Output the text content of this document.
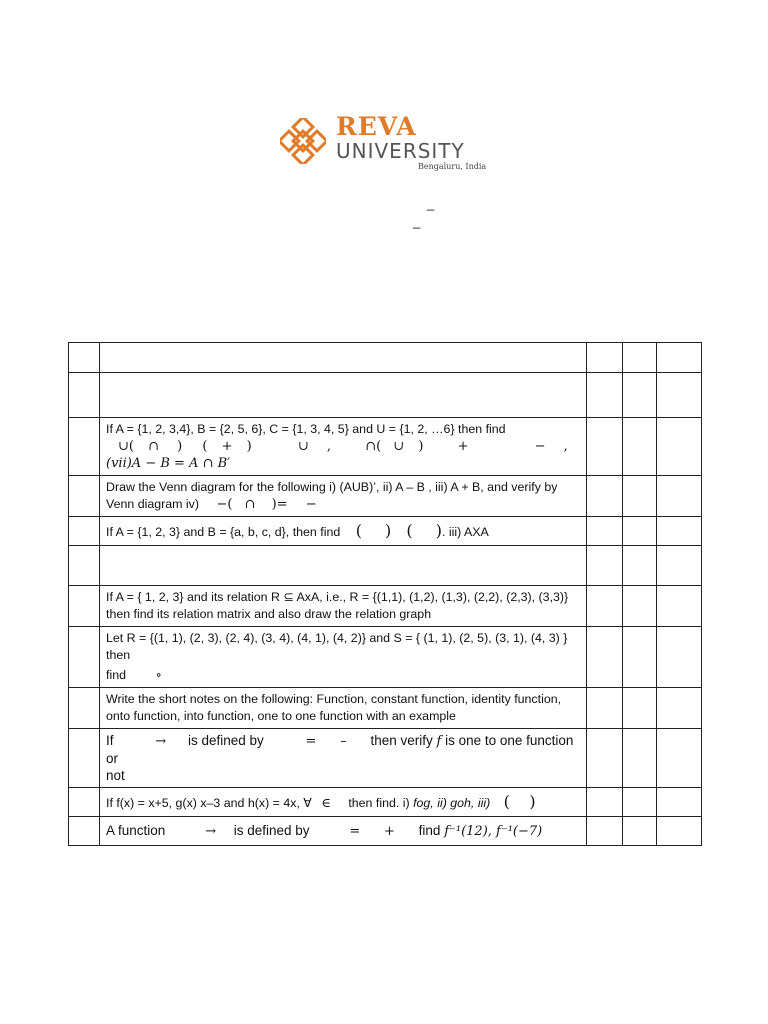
REVA
UNIVERSITY
Bengaluru, India
_
_

	If A = {1, 2, 3,4}, B = {2, 5, 6}, C = {1, 3, 4, 5} and U = {1, 2, …6} then find
∪( ∩ ) ( + ) ∪ , ∩( ∪ ) + − ,
(vii)A − B = A ∩ B′			

	Draw the Venn diagram for the following i) (AUB)’, ii) A – B , iii) A + B, and verify by
Venn diagram iv) −( ∩ )= −			

	If A = {1, 2, 3} and B = {a, b, c, d}, then find ( ) ( ). iii) AXA			

	If A = { 1, 2, 3} and its relation R ⊆ AxA, i.e., R = {(1,1), (1,2), (1,3), (2,2), (2,3), (3,3)}
then find its relation matrix and also draw the relation graph			

	Let R = {(1, 1), (2, 3), (2, 4), (3, 4), (4, 1), (4, 2)} and S = { (1, 1), (2, 5), (3, 1), (4, 3) } then
find ∘			

	Write the short notes on the following: Function, constant function, identity function,
onto function, into function, one to one function with an example			

	If → is defined by = – then verify f is one to one function or
not			

	If f(x) = x+5, g(x) x–3 and h(x) = 4x, ∀ ∈ then find. i) fog, ii) goh, iii) ( )			
	A function → is defined by = + find f⁻¹(12), f⁻¹(−7)			
